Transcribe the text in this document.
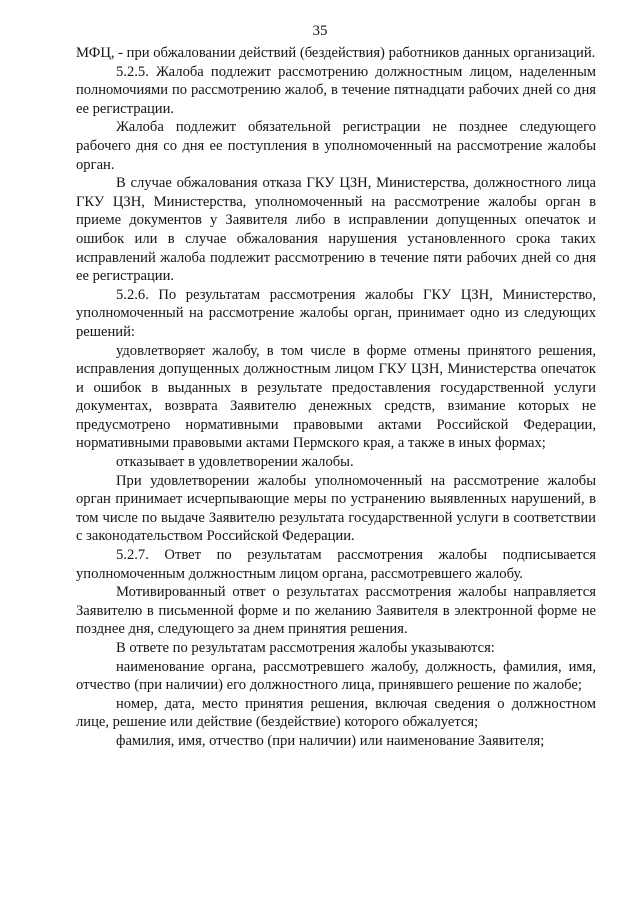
35

МФЦ, - при обжаловании действий (бездействия) работников данных организаций.

5.2.5. Жалоба подлежит рассмотрению должностным лицом, наделенным полномочиями по рассмотрению жалоб, в течение пятнадцати рабочих дней со дня ее регистрации.

Жалоба подлежит обязательной регистрации не позднее следующего рабочего дня со дня ее поступления в уполномоченный на рассмотрение жалобы орган.

В случае обжалования отказа ГКУ ЦЗН, Министерства, должностного лица ГКУ ЦЗН, Министерства, уполномоченный на рассмотрение жалобы орган в приеме документов у Заявителя либо в исправлении допущенных опечаток и ошибок или в случае обжалования нарушения установленного срока таких исправлений жалоба подлежит рассмотрению в течение пяти рабочих дней со дня ее регистрации.

5.2.6. По результатам рассмотрения жалобы ГКУ ЦЗН, Министерство, уполномоченный на рассмотрение жалобы орган, принимает одно из следующих решений:

удовлетворяет жалобу, в том числе в форме отмены принятого решения, исправления допущенных должностным лицом ГКУ ЦЗН, Министерства опечаток и ошибок в выданных в результате предоставления государственной услуги документах, возврата Заявителю денежных средств, взимание которых не предусмотрено нормативными правовыми актами Российской Федерации, нормативными правовыми актами Пермского края, а также в иных формах;

отказывает в удовлетворении жалобы.

При удовлетворении жалобы уполномоченный на рассмотрение жалобы орган принимает исчерпывающие меры по устранению выявленных нарушений, в том числе по выдаче Заявителю результата государственной услуги в соответствии с законодательством Российской Федерации.

5.2.7. Ответ по результатам рассмотрения жалобы подписывается уполномоченным должностным лицом органа, рассмотревшего жалобу.

Мотивированный ответ о результатах рассмотрения жалобы направляется Заявителю в письменной форме и по желанию Заявителя в электронной форме не позднее дня, следующего за днем принятия решения.

В ответе по результатам рассмотрения жалобы указываются:

наименование органа, рассмотревшего жалобу, должность, фамилия, имя, отчество (при наличии) его должностного лица, принявшего решение по жалобе;

номер, дата, место принятия решения, включая сведения о должностном лице, решение или действие (бездействие) которого обжалуется;

фамилия, имя, отчество (при наличии) или наименование Заявителя;
